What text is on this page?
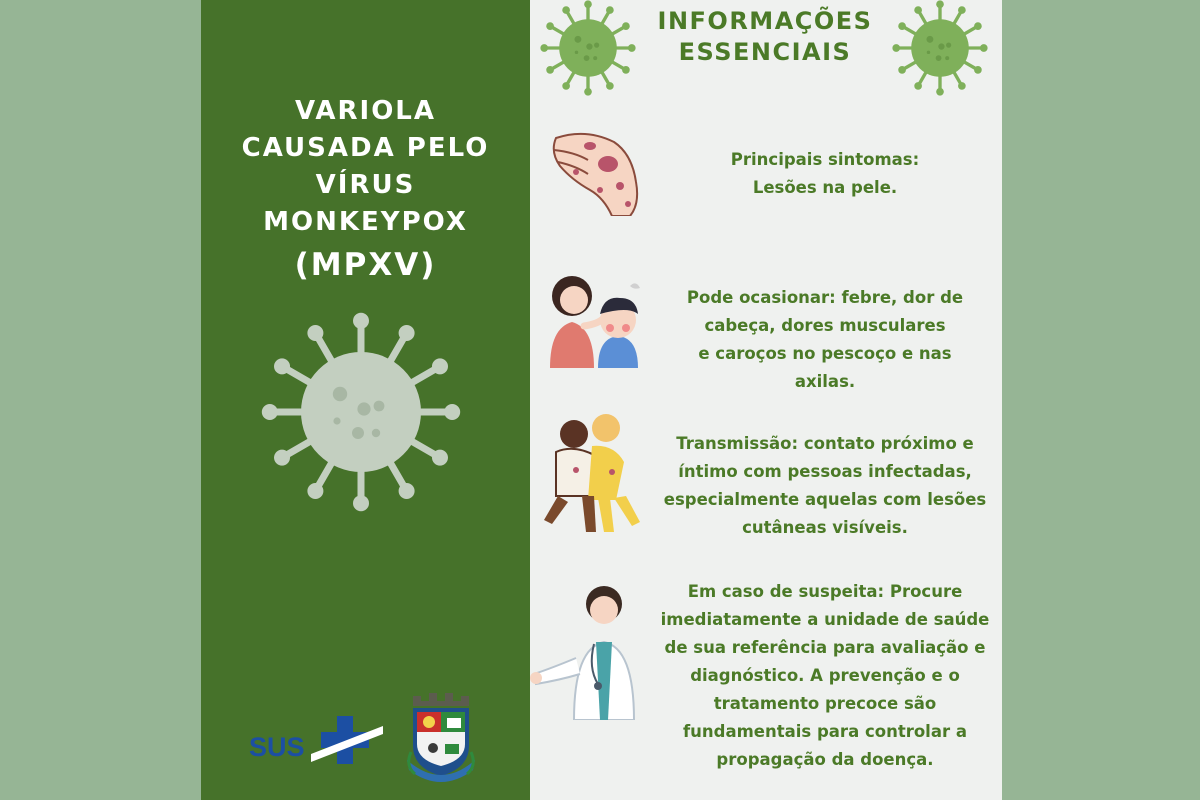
VARIOLA
CAUSADA PELO
VÍRUS
MONKEYPOX
(MPXV)
SUS
INFORMAÇÕES
ESSENCIAIS
Principais sintomas:
Lesões na pele.
Pode ocasionar: febre, dor de
cabeça, dores musculares
e caroços no pescoço e nas
axilas.
Transmissão: contato próximo e
íntimo com pessoas infectadas,
especialmente aquelas com lesões
cutâneas visíveis.
Em caso de suspeita: Procure
imediatamente a unidade de saúde
de sua referência para avaliação e
diagnóstico. A prevenção e o
tratamento precoce são
fundamentais para controlar a
propagação da doença.
